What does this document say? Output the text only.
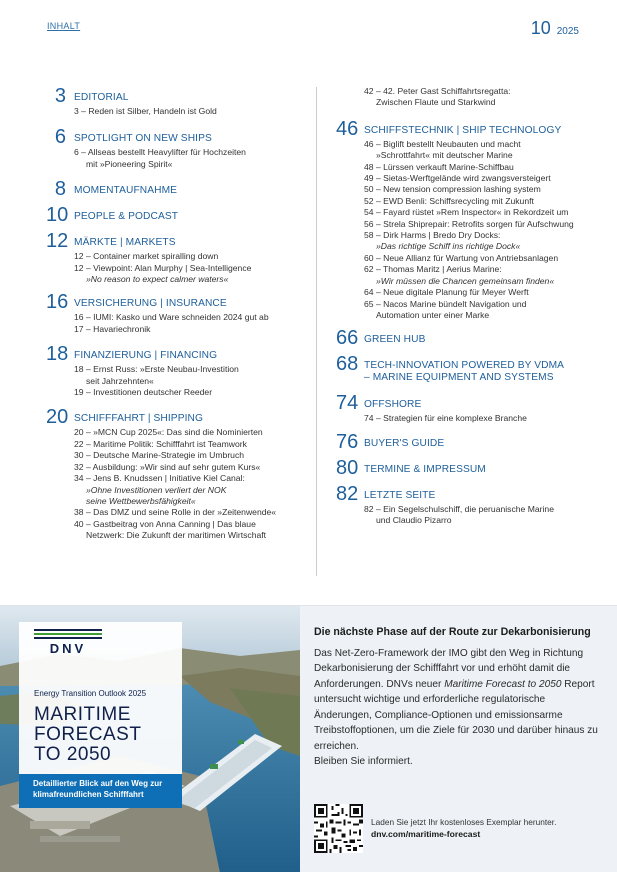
INHALT	10 2025
3 EDITORIAL
3 – Reden ist Silber, Handeln ist Gold
6 SPOTLIGHT ON NEW SHIPS
6 – Allseas bestellt Heavylifter für Hochzeiten
mit »Pioneering Spirit«
8 MOMENTAUFNAHME
10 PEOPLE & PODCAST
12 MÄRKTE | MARKETS
12 – Container market spiralling down
12 – Viewpoint: Alan Murphy | Sea-Intelligence
»No reason to expect calmer waters«
16 VERSICHERUNG | INSURANCE
16 – IUMI: Kasko und Ware schneiden 2024 gut ab
17 – Havariechronik
18 FINANZIERUNG | FINANCING
18 – Ernst Russ: »Erste Neubau-Investition
seit Jahrzehnten«
19 – Investitionen deutscher Reeder
20 SCHIFFFAHRT | SHIPPING
20 – »MCN Cup 2025«: Das sind die Nominierten
22 – Maritime Politik: Schifffahrt ist Teamwork
30 – Deutsche Marine-Strategie im Umbruch
32 – Ausbildung: »Wir sind auf sehr gutem Kurs«
34 – Jens B. Knudssen | Initiative Kiel Canal:
»Ohne Investitionen verliert der NOK
seine Wettbewerbsfähigkeit«
38 – Das DMZ und seine Rolle in der »Zeitenwende«
40 – Gastbeitrag von Anna Canning | Das blaue
Netzwerk: Die Zukunft der maritimen Wirtschaft
42 – 42. Peter Gast Schiffahrtsregatta:
Zwischen Flaute und Starkwind
46 SCHIFFSTECHNIK | SHIP TECHNOLOGY
46 – Biglift bestellt Neubauten und macht
»Schrottfahrt« mit deutscher Marine
48 – Lürssen verkauft Marine-Schiffbau
49 – Sietas-Werftgelände wird zwangsversteigert
50 – New tension compression lashing system
52 – EWD Benli: Schiffsrecycling mit Zukunft
54 – Fayard rüstet »Rem Inspector« in Rekordzeit um
56 – Strela Shiprepair: Retrofits sorgen für Aufschwung
58 – Dirk Harms | Bredo Dry Docks:
»Das richtige Schiff ins richtige Dock«
60 – Neue Allianz für Wartung von Antriebsanlagen
62 – Thomas Maritz | Aerius Marine:
»Wir müssen die Chancen gemeinsam finden«
64 – Neue digitale Planung für Meyer Werft
65 – Nacos Marine bündelt Navigation und
Automation unter einer Marke
66 GREEN HUB
68 TECH-INNOVATION POWERED BY VDMA
– MARINE EQUIPMENT AND SYSTEMS
74 OFFSHORE
74 – Strategien für eine komplexe Branche
76 BUYER'S GUIDE
80 TERMINE & IMPRESSUM
82 LETZTE SEITE
82 – Ein Segelschulschiff, die peruanische Marine
und Claudio Pizarro
DNV
Energy Transition Outlook 2025
MARITIME
FORECAST
TO 2050
Detaillierter Blick auf den Weg zur klimafreundlichen Schifffahrt
Die nächste Phase auf der Route zur Dekarbonisierung
Das Net-Zero-Framework der IMO gibt den Weg in Richtung Dekarbonisierung der Schifffahrt vor und erhöht damit die Anforderungen. DNVs neuer Maritime Forecast to 2050 Report untersucht wichtige und erforderliche regulatorische Änderungen, Compliance-Optionen und emissionsarme Treibstoffoptionen, um die Ziele für 2030 und darüber hinaus zu erreichen.
Bleiben Sie informiert.
Laden Sie jetzt Ihr kostenloses Exemplar herunter.
dnv.com/maritime-forecast
